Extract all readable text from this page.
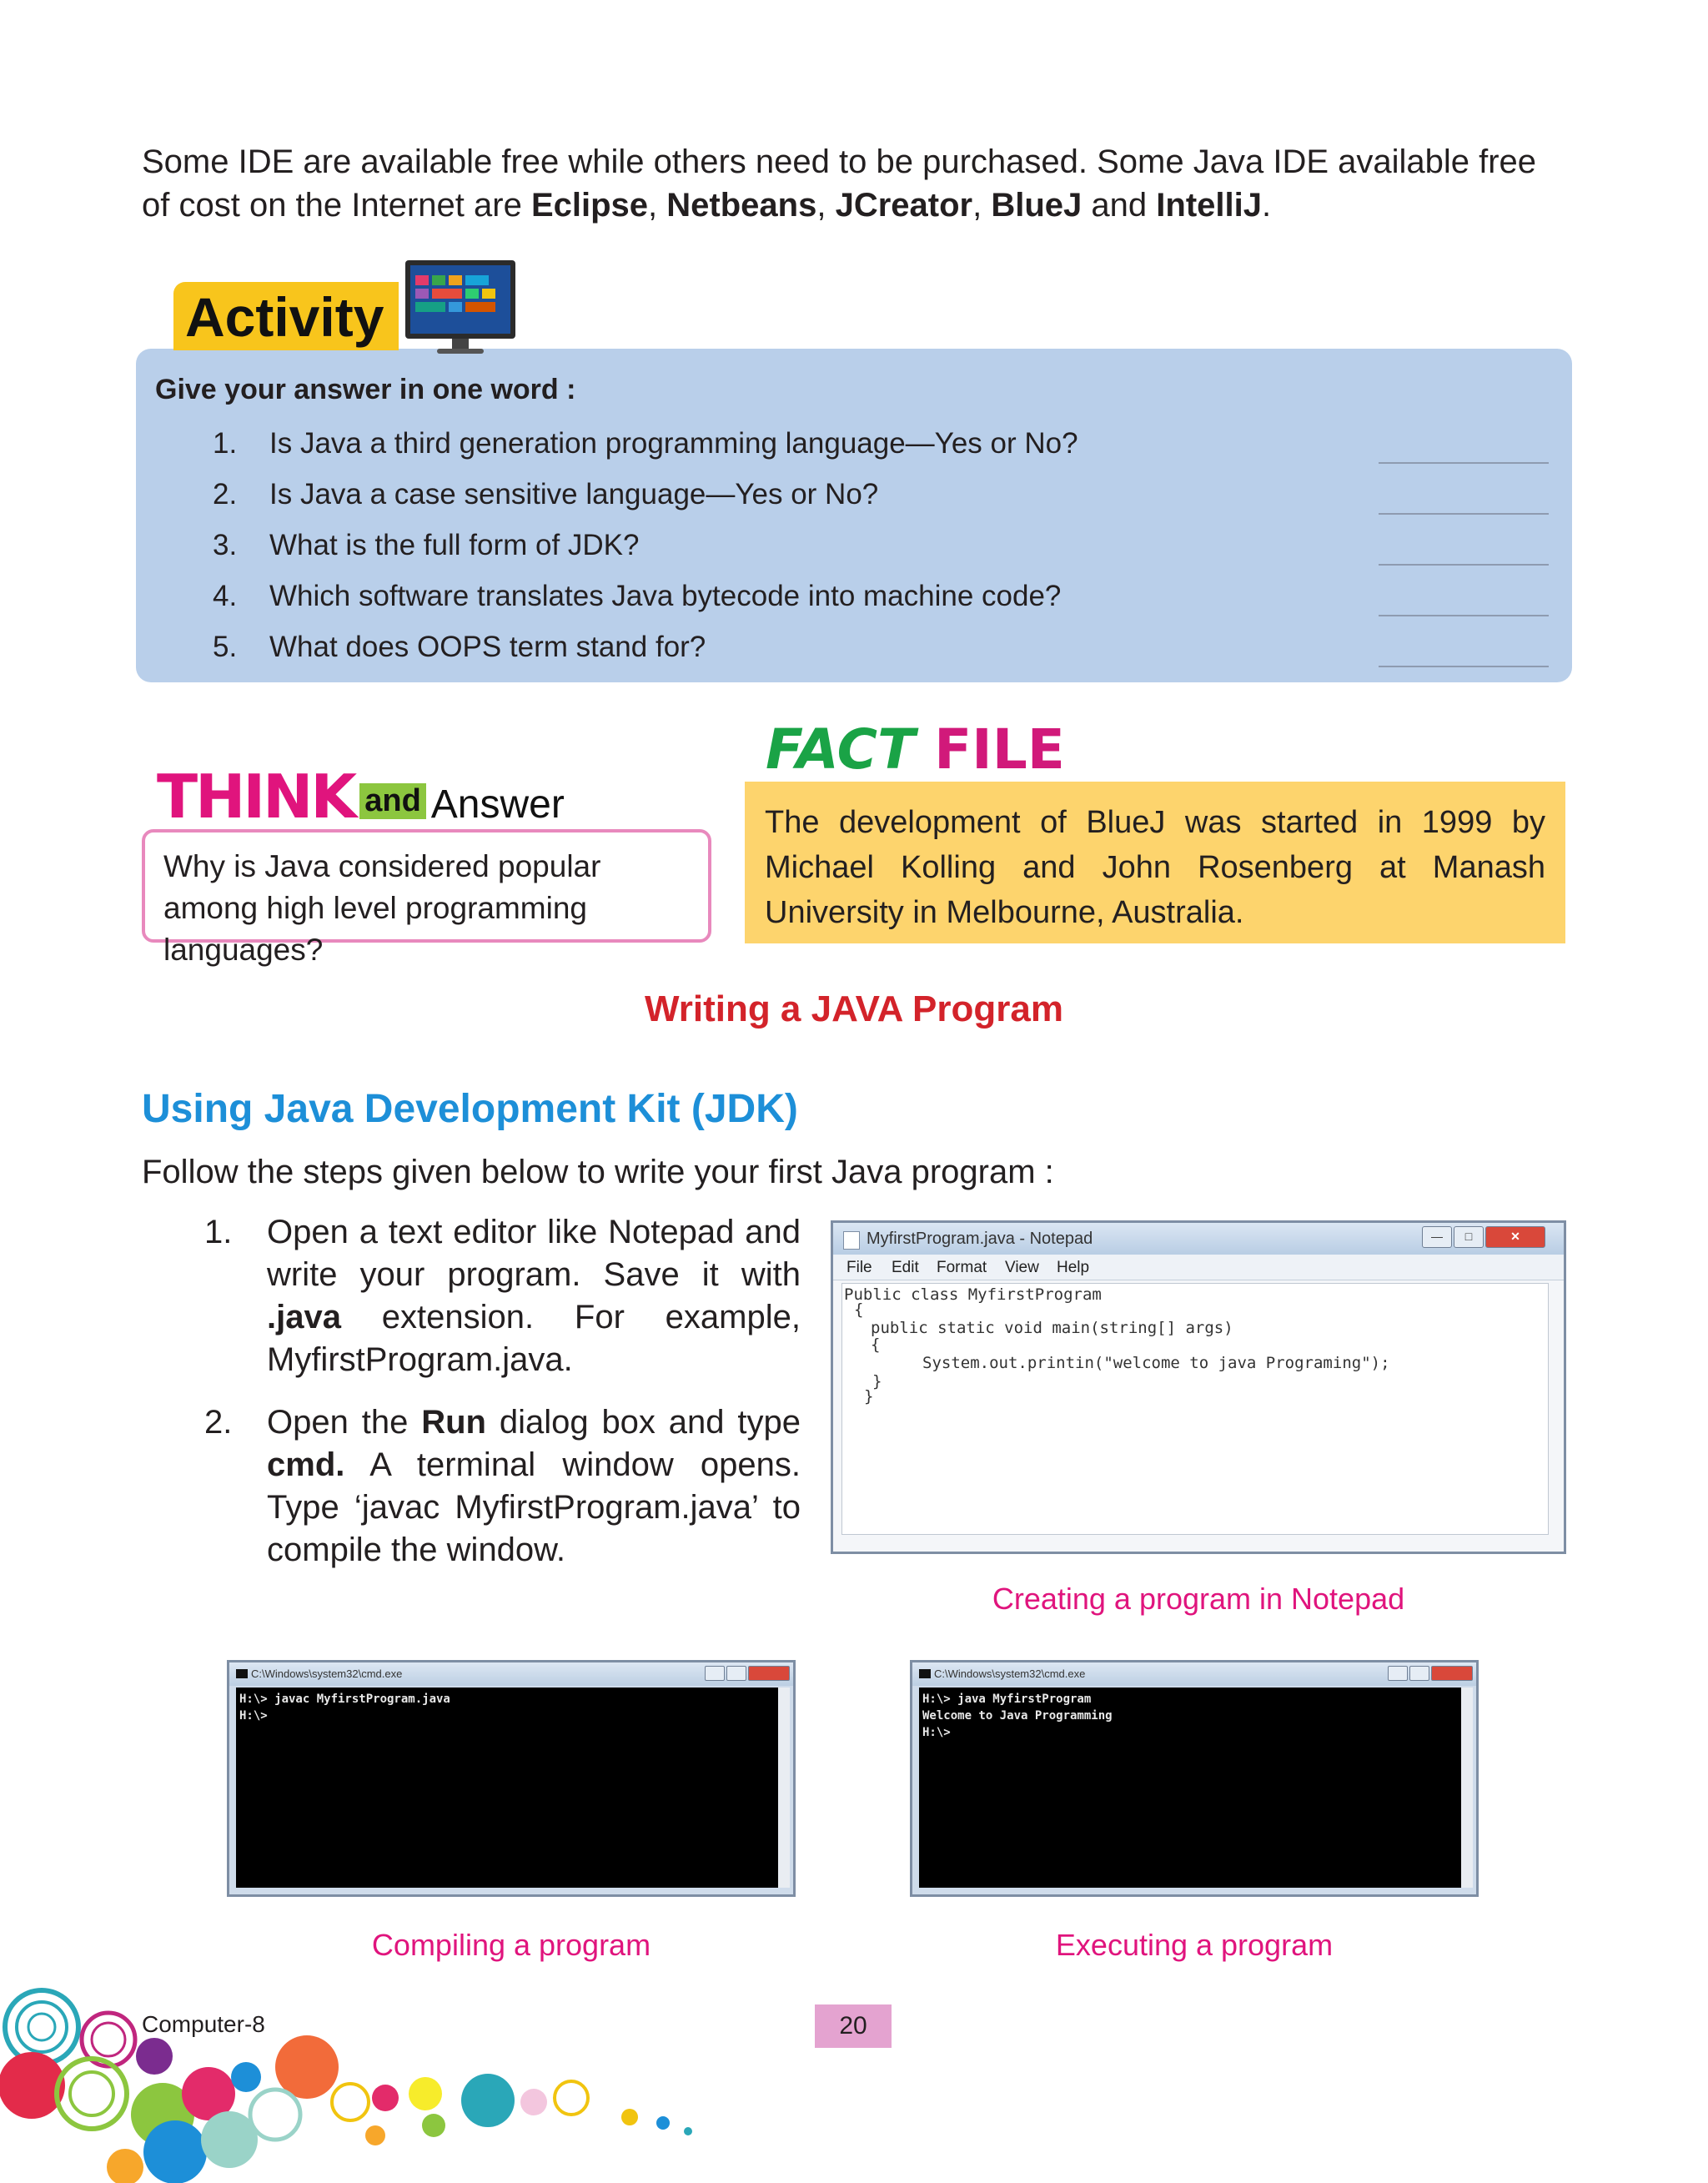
Some IDE are available free while others need to be purchased. Some Java IDE available free of cost on the Internet are Eclipse, Netbeans, JCreator, BlueJ and IntelliJ.
Activity
Give your answer in one word :
1.	Is Java a third generation programming language—Yes or No?
2.	Is Java a case sensitive language—Yes or No?
3.	What is the full form of JDK?
4.	Which software translates Java bytecode into machine code?
5.	What does OOPS term stand for?
THINK and Answer
Why is Java considered popular among high level programming languages?
FACT FILE
The development of BlueJ was started in 1999 by Michael Kolling and John Rosenberg at Manash University in Melbourne, Australia.
Writing a JAVA Program
Using Java Development Kit (JDK)
Follow the steps given below to write your first Java program :
1. Open a text editor like Notepad and write your program. Save it with .java extension. For example, MyfirstProgram.java.
2. Open the Run dialog box and type cmd. A terminal window opens. Type ‘javac MyfirstProgram.java’ to compile the window.
MyfirstProgram.java - Notepad	—	□	✕
File Edit Format View Help
Public class MyfirstProgram
{
public static void main(string[] args)
{
System.out.printin("welcome to java Programing");
}
}
Creating a program in Notepad
C:\Windows\system32\cmd.exe
H:\> javac MyfirstProgram.java
H:\>
Compiling a program
C:\Windows\system32\cmd.exe
H:\> java MyfirstProgram
Welcome to Java Programming
H:\>
Executing a program
Computer-8	20
